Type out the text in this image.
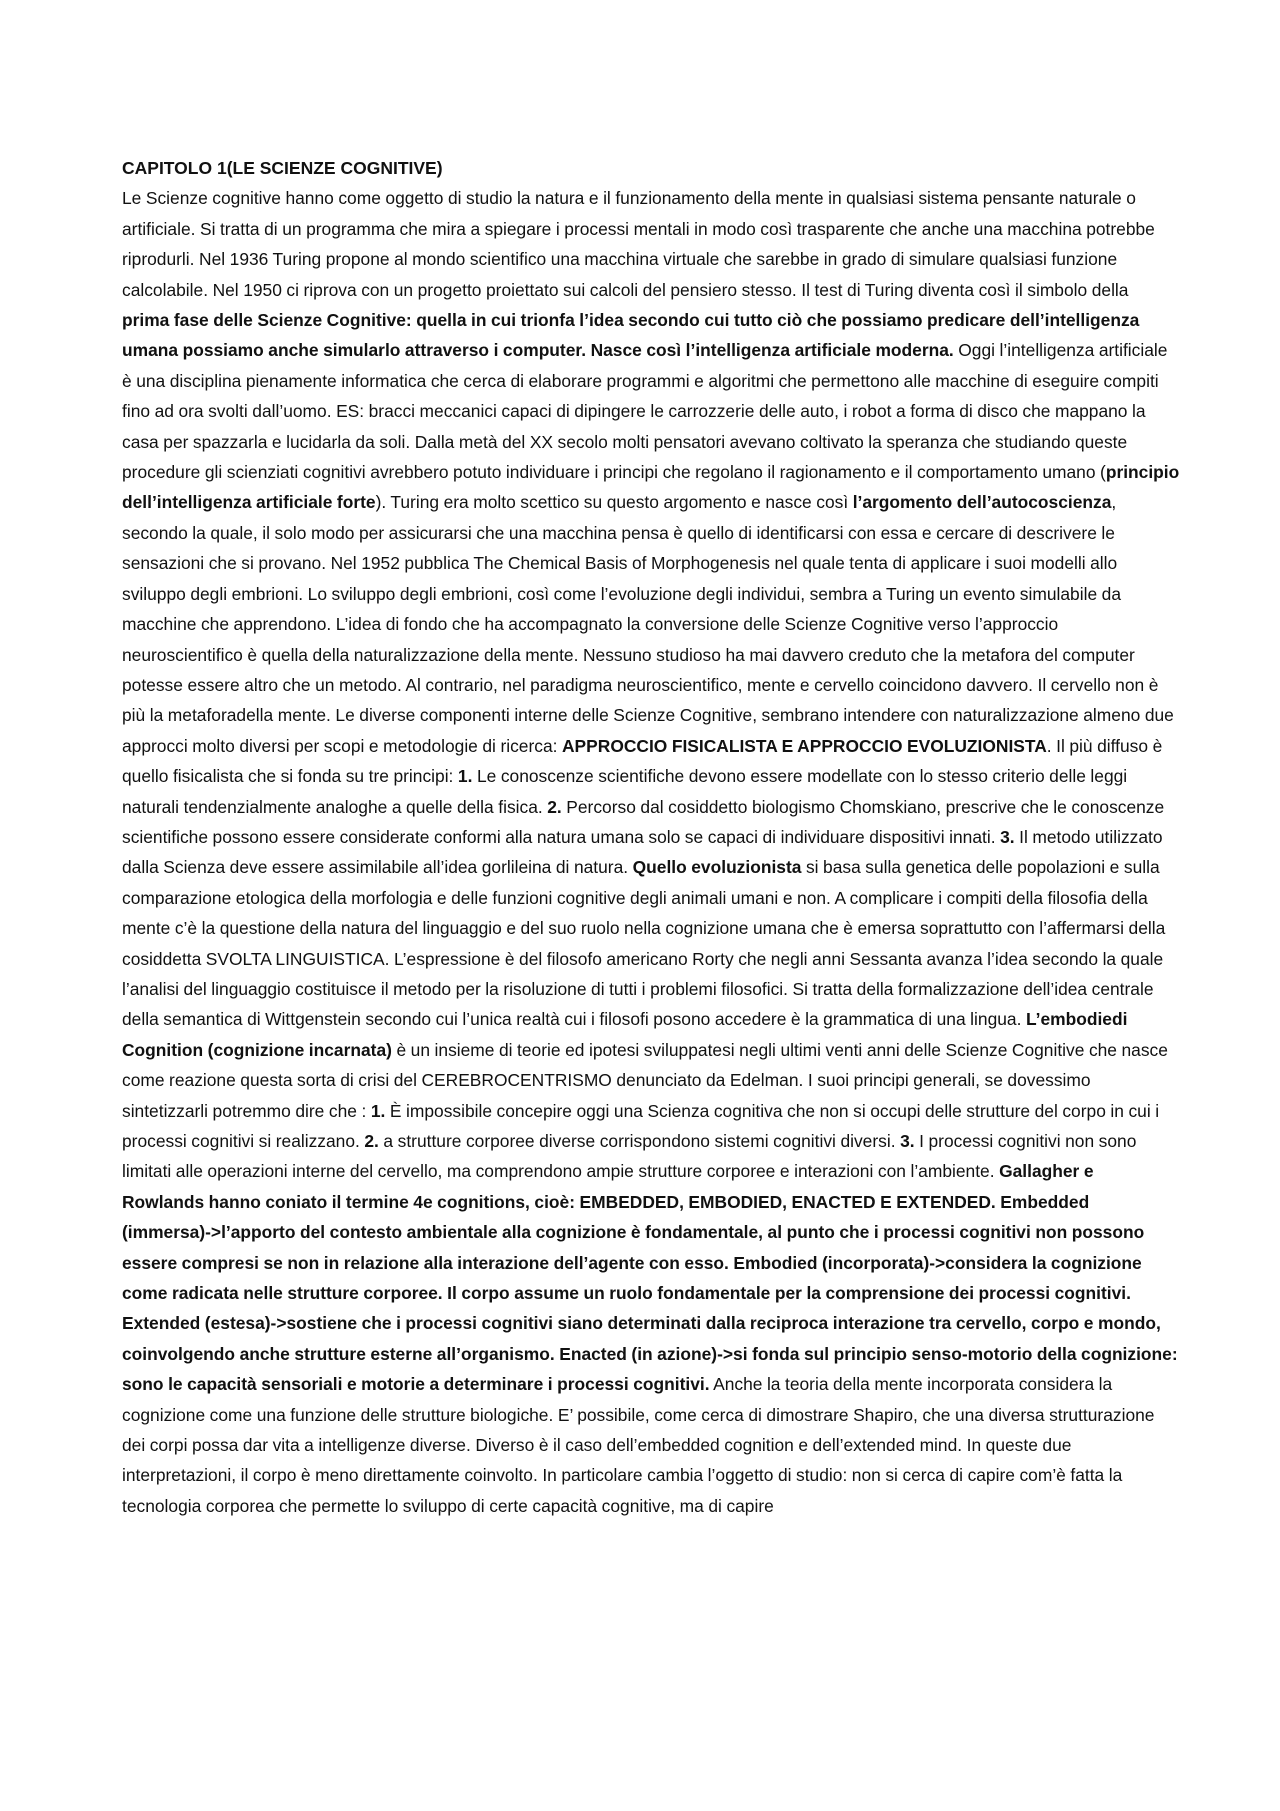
CAPITOLO 1(LE SCIENZE COGNITIVE)

Le Scienze cognitive hanno come oggetto di studio la natura e il funzionamento della mente in qualsiasi sistema pensante naturale o artificiale. Si tratta di un programma che mira a spiegare i processi mentali in modo così trasparente che anche una macchina potrebbe riprodurli. Nel 1936 Turing propone al mondo scientifico una macchina virtuale che sarebbe in grado di simulare qualsiasi funzione calcolabile. Nel 1950 ci riprova con un progetto proiettato sui calcoli del pensiero stesso. Il test di Turing diventa così il simbolo della prima fase delle Scienze Cognitive: quella in cui trionfa l’idea secondo cui tutto ciò che possiamo predicare dell’intelligenza umana possiamo anche simularlo attraverso i computer. Nasce così l’intelligenza artificiale moderna. Oggi l’intelligenza artificiale è una disciplina pienamente informatica che cerca di elaborare programmi e algoritmi che permettono alle macchine di eseguire compiti fino ad ora svolti dall’uomo. ES: bracci meccanici capaci di dipingere le carrozzerie delle auto, i robot a forma di disco che mappano la casa per spazzarla e lucidarla da soli. Dalla metà del XX secolo molti pensatori avevano coltivato la speranza che studiando queste procedure gli scienziati cognitivi avrebbero potuto individuare i principi che regolano il ragionamento e il comportamento umano (principio dell’intelligenza artificiale forte). Turing era molto scettico su questo argomento e nasce così l’argomento dell’autocoscienza, secondo la quale, il solo modo per assicurarsi che una macchina pensa è quello di identificarsi con essa e cercare di descrivere le sensazioni che si provano. Nel 1952 pubblica The Chemical Basis of Morphogenesis nel quale tenta di applicare i suoi modelli allo sviluppo degli embrioni. Lo sviluppo degli embrioni, così come l’evoluzione degli individui, sembra a Turing un evento simulabile da macchine che apprendono. L’idea di fondo che ha accompagnato la conversione delle Scienze Cognitive verso l’approccio neuroscientifico è quella della naturalizzazione della mente. Nessuno studioso ha mai davvero creduto che la metafora del computer potesse essere altro che un metodo. Al contrario, nel paradigma neuroscientifico, mente e cervello coincidono davvero. Il cervello non è più la metaforadella mente. Le diverse componenti interne delle Scienze Cognitive, sembrano intendere con naturalizzazione almeno due approcci molto diversi per scopi e metodologie di ricerca: APPROCCIO FISICALISTA E APPROCCIO EVOLUZIONISTA. Il più diffuso è quello fisicalista che si fonda su tre principi: 1. Le conoscenze scientifiche devono essere modellate con lo stesso criterio delle leggi naturali tendenzialmente analoghe a quelle della fisica. 2. Percorso dal cosiddetto biologismo Chomskiano, prescrive che le conoscenze scientifiche possono essere considerate conformi alla natura umana solo se capaci di individuare dispositivi innati. 3. Il metodo utilizzato dalla Scienza deve essere assimilabile all’idea gorlileina di natura. Quello evoluzionista si basa sulla genetica delle popolazioni e sulla comparazione etologica della morfologia e delle funzioni cognitive degli animali umani e non. A complicare i compiti della filosofia della mente c’è la questione della natura del linguaggio e del suo ruolo nella cognizione umana che è emersa soprattutto con l’affermarsi della cosiddetta SVOLTA LINGUISTICA. L’espressione è del filosofo americano Rorty che negli anni Sessanta avanza l’idea secondo la quale l’analisi del linguaggio costituisce il metodo per la risoluzione di tutti i problemi filosofici. Si tratta della formalizzazione dell’idea centrale della semantica di Wittgenstein secondo cui l’unica realtà cui i filosofi posono accedere è la grammatica di una lingua. L’embodiedi Cognition (cognizione incarnata) è un insieme di teorie ed ipotesi sviluppatesi negli ultimi venti anni delle Scienze Cognitive che nasce come reazione questa sorta di crisi del CEREBROCENTRISMO denunciato da Edelman. I suoi principi generali, se dovessimo sintetizzarli potremmo dire che : 1. È impossibile concepire oggi una Scienza cognitiva che non si occupi delle strutture del corpo in cui i processi cognitivi si realizzano. 2. a strutture corporee diverse corrispondono sistemi cognitivi diversi. 3. I processi cognitivi non sono limitati alle operazioni interne del cervello, ma comprendono ampie strutture corporee e interazioni con l’ambiente. Gallagher e Rowlands hanno coniato il termine 4e cognitions, cioè: EMBEDDED, EMBODIED, ENACTED E EXTENDED. Embedded (immersa)->l’apporto del contesto ambientale alla cognizione è fondamentale, al punto che i processi cognitivi non possono essere compresi se non in relazione alla interazione dell’agente con esso. Embodied (incorporata)->considera la cognizione come radicata nelle strutture corporee. Il corpo assume un ruolo fondamentale per la comprensione dei processi cognitivi. Extended (estesa)->sostiene che i processi cognitivi siano determinati dalla reciproca interazione tra cervello, corpo e mondo, coinvolgendo anche strutture esterne all’organismo. Enacted (in azione)->si fonda sul principio senso-motorio della cognizione: sono le capacità sensoriali e motorie a determinare i processi cognitivi. Anche la teoria della mente incorporata considera la cognizione come una funzione delle strutture biologiche. E’ possibile, come cerca di dimostrare Shapiro, che una diversa strutturazione dei corpi possa dar vita a intelligenze diverse. Diverso è il caso dell’embedded cognition e dell’extended mind. In queste due interpretazioni, il corpo è meno direttamente coinvolto. In particolare cambia l’oggetto di studio: non si cerca di capire com’è fatta la tecnologia corporea che permette lo sviluppo di certe capacità cognitive, ma di capire
